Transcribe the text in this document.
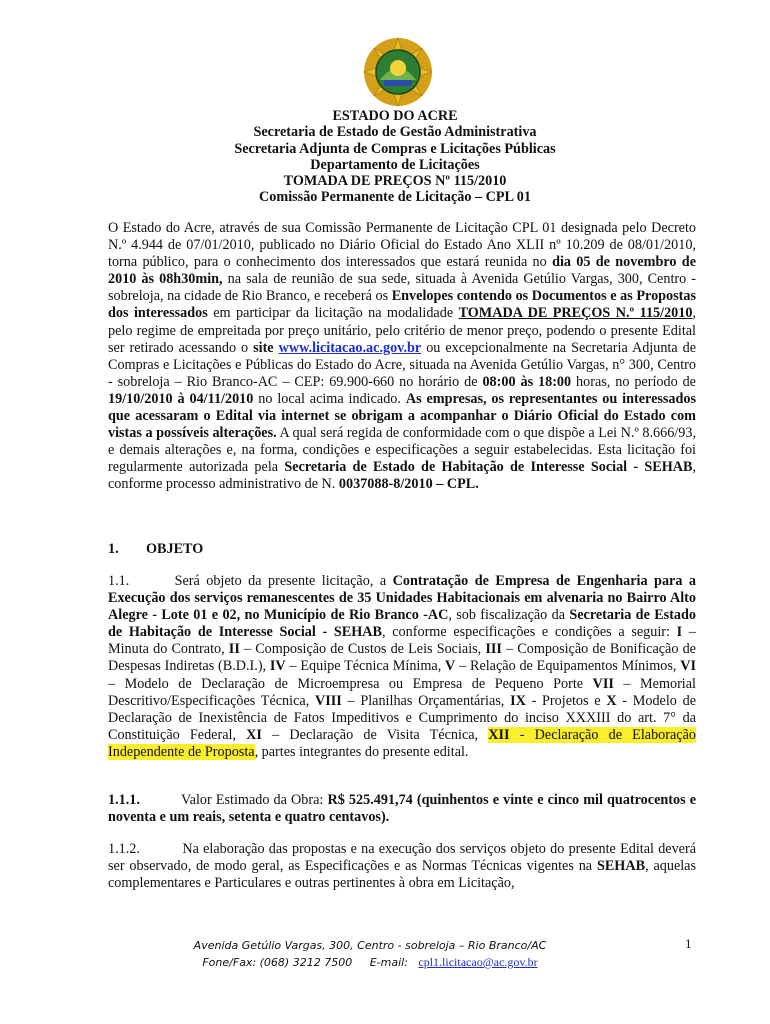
ESTADO DO ACRE
Secretaria de Estado de Gestão Administrativa
Secretaria Adjunta de Compras e Licitações Públicas
Departamento de Licitações
TOMADA DE PREÇOS Nº 115/2010
Comissão Permanente de Licitação – CPL 01

O Estado do Acre, através de sua Comissão Permanente de Licitação CPL 01 designada pelo Decreto N.º 4.944 de 07/01/2010, publicado no Diário Oficial do Estado Ano XLII nº 10.209 de 08/01/2010, torna público, para o conhecimento dos interessados que estará reunida no dia 05 de novembro de 2010 às 08h30min, na sala de reunião de sua sede, situada à Avenida Getúlio Vargas, 300, Centro - sobreloja, na cidade de Rio Branco, e receberá os Envelopes contendo os Documentos e as Propostas dos interessados em participar da licitação na modalidade TOMADA DE PREÇOS N.º 115/2010, pelo regime de empreitada por preço unitário, pelo critério de menor preço, podendo o presente Edital ser retirado acessando o site www.licitacao.ac.gov.br ou excepcionalmente na Secretaria Adjunta de Compras e Licitações e Públicas do Estado do Acre, situada na Avenida Getúlio Vargas, n° 300, Centro - sobreloja – Rio Branco-AC – CEP: 69.900-660 no horário de 08:00 às 18:00 horas, no período de 19/10/2010 à 04/11/2010 no local acima indicado. As empresas, os representantes ou interessados que acessaram o Edital via internet se obrigam a acompanhar o Diário Oficial do Estado com vistas a possíveis alterações. A qual será regida de conformidade com o que dispõe a Lei N.º 8.666/93, e demais alterações e, na forma, condições e especificações a seguir estabelecidas. Esta licitação foi regularmente autorizada pela Secretaria de Estado de Habitação de Interesse Social - SEHAB, conforme processo administrativo de N. 0037088-8/2010 – CPL.

1. OBJETO

1.1.	Será objeto da presente licitação, a Contratação de Empresa de Engenharia para a Execução dos serviços remanescentes de 35 Unidades Habitacionais em alvenaria no Bairro Alto Alegre - Lote 01 e 02, no Município de Rio Branco -AC, sob fiscalização da Secretaria de Estado de Habitação de Interesse Social - SEHAB, conforme especificações e condições a seguir: I – Minuta do Contrato, II – Composição de Custos de Leis Sociais, III – Composição de Bonificação de Despesas Indiretas (B.D.I.), IV – Equipe Técnica Mínima, V – Relação de Equipamentos Mínimos, VI – Modelo de Declaração de Microempresa ou Empresa de Pequeno Porte VII – Memorial Descritivo/Especificações Técnica, VIII – Planilhas Orçamentárias, IX - Projetos e X - Modelo de Declaração de Inexistência de Fatos Impeditivos e Cumprimento do inciso XXXIII do art. 7° da Constituição Federal, XI – Declaração de Visita Técnica, XII - Declaração de Elaboração Independente de Proposta, partes integrantes do presente edital.

1.1.1.	Valor Estimado da Obra: R$ 525.491,74 (quinhentos e vinte e cinco mil quatrocentos e noventa e um reais, setenta e quatro centavos).

1.1.2.	Na elaboração das propostas e na execução dos serviços objeto do presente Edital deverá ser observado, de modo geral, as Especificações e as Normas Técnicas vigentes na SEHAB, aquelas complementares e Particulares e outras pertinentes à obra em Licitação,

Avenida Getúlio Vargas, 300, Centro - sobreloja – Rio Branco/AC
Fone/Fax: (068) 3212 7500 E-mail: cpl1.licitacao@ac.gov.br
1
